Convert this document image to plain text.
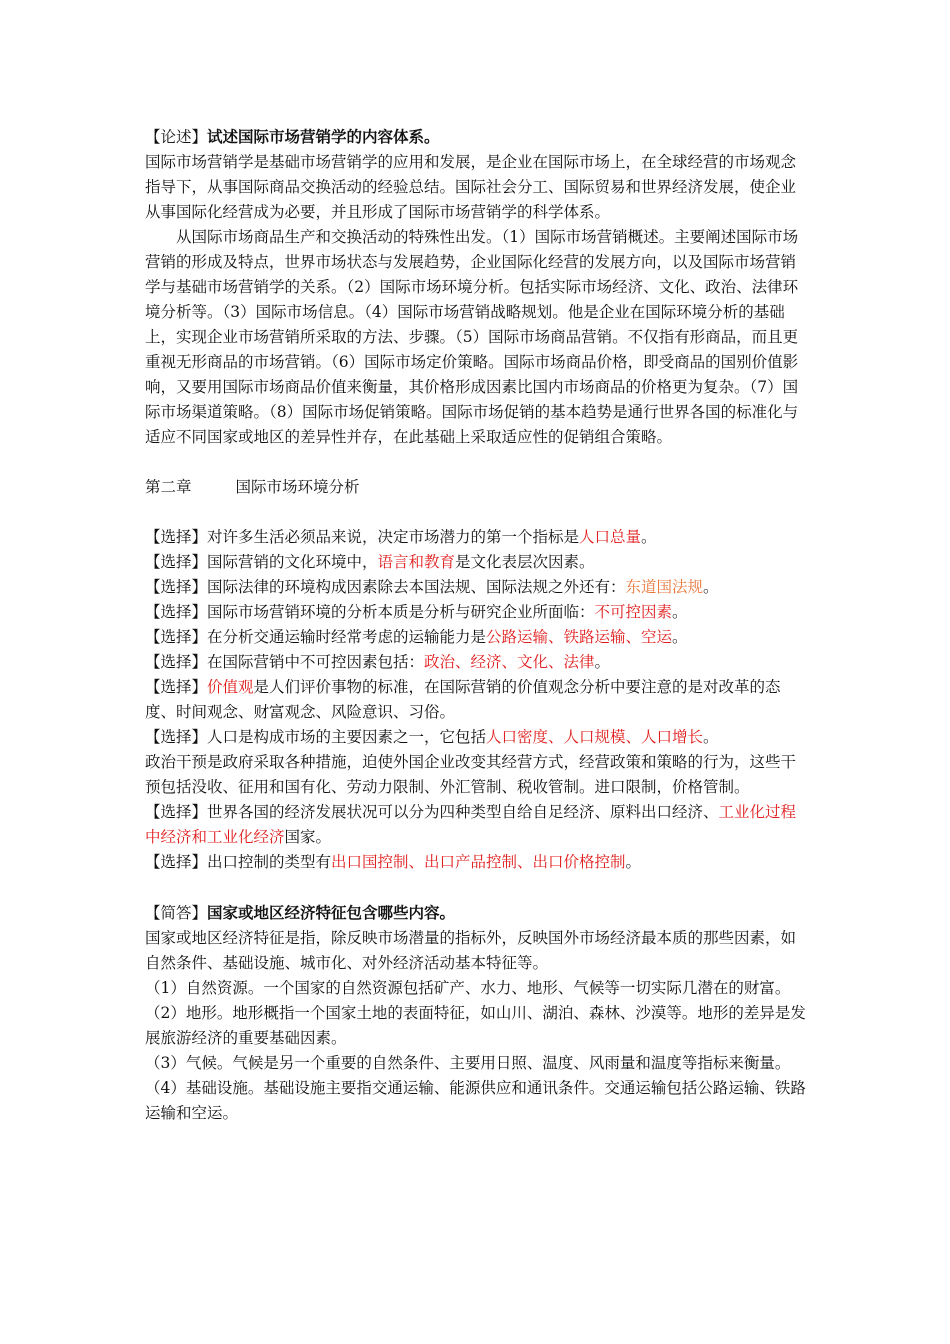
【论述】试述国际市场营销学的内容体系。

国际市场营销学是基础市场营销学的应用和发展，是企业在国际市场上，在全球经营的市场观念指导下，从事国际商品交换活动的经验总结。国际社会分工、国际贸易和世界经济发展，使企业从事国际化经营成为必要，并且形成了国际市场营销学的科学体系。

从国际市场商品生产和交换活动的特殊性出发。（1）国际市场营销概述。主要阐述国际市场营销的形成及特点，世界市场状态与发展趋势，企业国际化经营的发展方向，以及国际市场营销学与基础市场营销学的关系。（2）国际市场环境分析。包括实际市场经济、文化、政治、法律环境分析等。（3）国际市场信息。（4）国际市场营销战略规划。他是企业在国际环境分析的基础上，实现企业市场营销所采取的方法、步骤。（5）国际市场商品营销。不仅指有形商品，而且更重视无形商品的市场营销。（6）国际市场定价策略。国际市场商品价格，即受商品的国别价值影响，又要用国际市场商品价值来衡量，其价格形成因素比国内市场商品的价格更为复杂。（7）国际市场渠道策略。（8）国际市场促销策略。国际市场促销的基本趋势是通行世界各国的标准化与适应不同国家或地区的差异性并存，在此基础上采取适应性的促销组合策略。

第二章	国际市场环境分析

【选择】对许多生活必须品来说，决定市场潜力的第一个指标是人口总量。

【选择】国际营销的文化环境中，语言和教育是文化表层次因素。

【选择】国际法律的环境构成因素除去本国法规、国际法规之外还有：东道国法规。

【选择】国际市场营销环境的分析本质是分析与研究企业所面临：不可控因素。

【选择】在分析交通运输时经常考虑的运输能力是公路运输、铁路运输、空运。

【选择】在国际营销中不可控因素包括：政治、经济、文化、法律。

【选择】价值观是人们评价事物的标准，在国际营销的价值观念分析中要注意的是对改革的态度、时间观念、财富观念、风险意识、习俗。

【选择】人口是构成市场的主要因素之一，它包括人口密度、人口规模、人口增长。

政治干预是政府采取各种措施，迫使外国企业改变其经营方式，经营政策和策略的行为，这些干预包括没收、征用和国有化、劳动力限制、外汇管制、税收管制。进口限制，价格管制。

【选择】世界各国的经济发展状况可以分为四种类型自给自足经济、原料出口经济、工业化过程中经济和工业化经济国家。

【选择】出口控制的类型有出口国控制、出口产品控制、出口价格控制。

【简答】国家或地区经济特征包含哪些内容。

国家或地区经济特征是指，除反映市场潜量的指标外，反映国外市场经济最本质的那些因素，如自然条件、基础设施、城市化、对外经济活动基本特征等。

（1）自然资源。一个国家的自然资源包括矿产、水力、地形、气候等一切实际几潜在的财富。

（2）地形。地形概指一个国家土地的表面特征，如山川、湖泊、森林、沙漠等。地形的差异是发展旅游经济的重要基础因素。

（3）气候。气候是另一个重要的自然条件、主要用日照、温度、风雨量和温度等指标来衡量。

（4）基础设施。基础设施主要指交通运输、能源供应和通讯条件。交通运输包括公路运输、铁路运输和空运。
